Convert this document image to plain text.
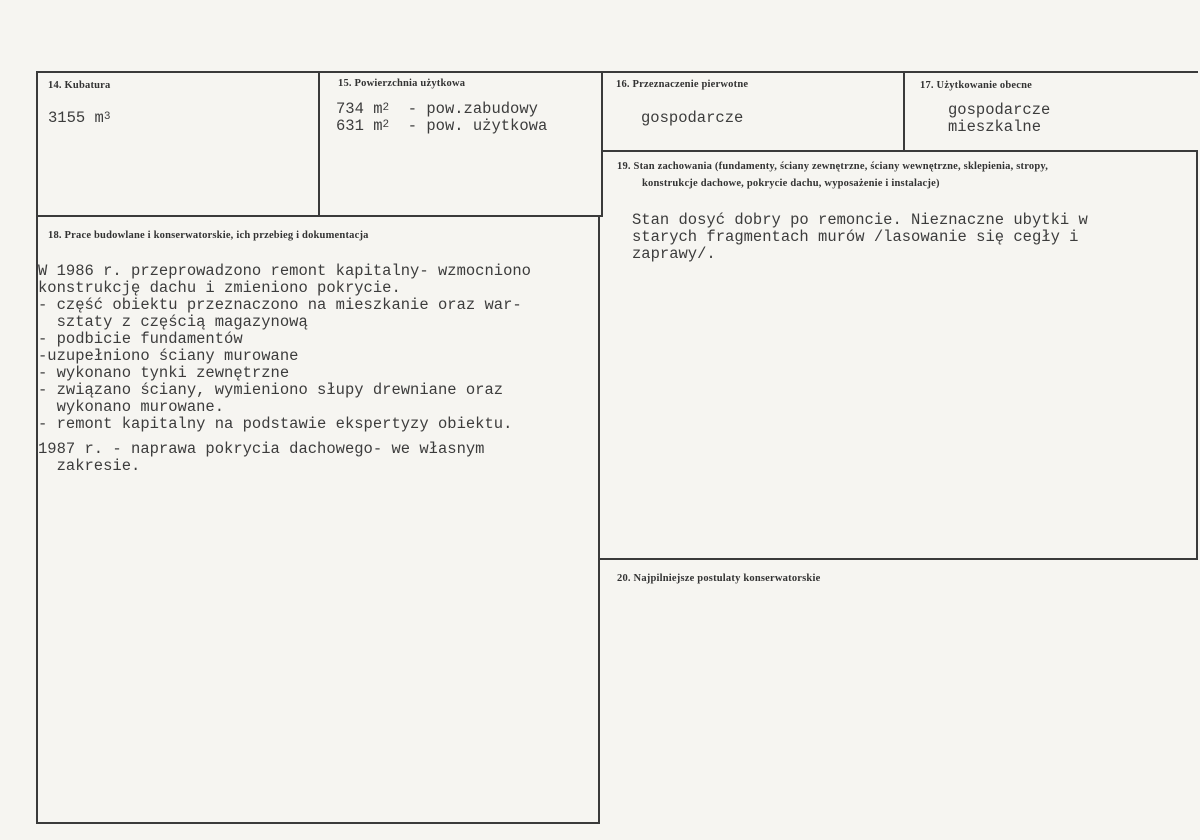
14. Kubatura
3155 $m^3$
15. Powierzchnia użytkowa
734 $m^2$ - pow.zabudowy
631 $m^2$ - pow. użytkowa
16. Przeznaczenie pierwotne
gospodarcze
17. Użytkowanie obecne
gospodarcze
mieszkalne
18. Prace budowlane i konserwatorskie, ich przebieg i dokumentacja
W 1986 r. przeprowadzono remont kapitalny- wzmocniono
konstrukcję dachu i zmieniono pokrycie.
- część obiektu przeznaczono na mieszkanie oraz war-
sztaty z częścią magazynową
- podbicie fundamentów
-uzupełniono ściany murowane
- wykonano tynki zewnętrzne
- związano ściany, wymieniono słupy drewniane oraz
wykonano murowane.
- remont kapitalny na podstawie ekspertyzy obiektu.
1987 r. - naprawa pokrycia dachowego- we własnym
zakresie.
19. Stan zachowania (fundamenty, ściany zewnętrzne, ściany wewnętrzne, sklepienia, stropy,
konstrukcje dachowe, pokrycie dachu, wyposażenie i instalacje)
Stan dosyć dobry po remoncie. Nieznaczne ubytki w
starych fragmentach murów /lasowanie się cegły i
zaprawy/.
20. Najpilniejsze postulaty konserwatorskie
